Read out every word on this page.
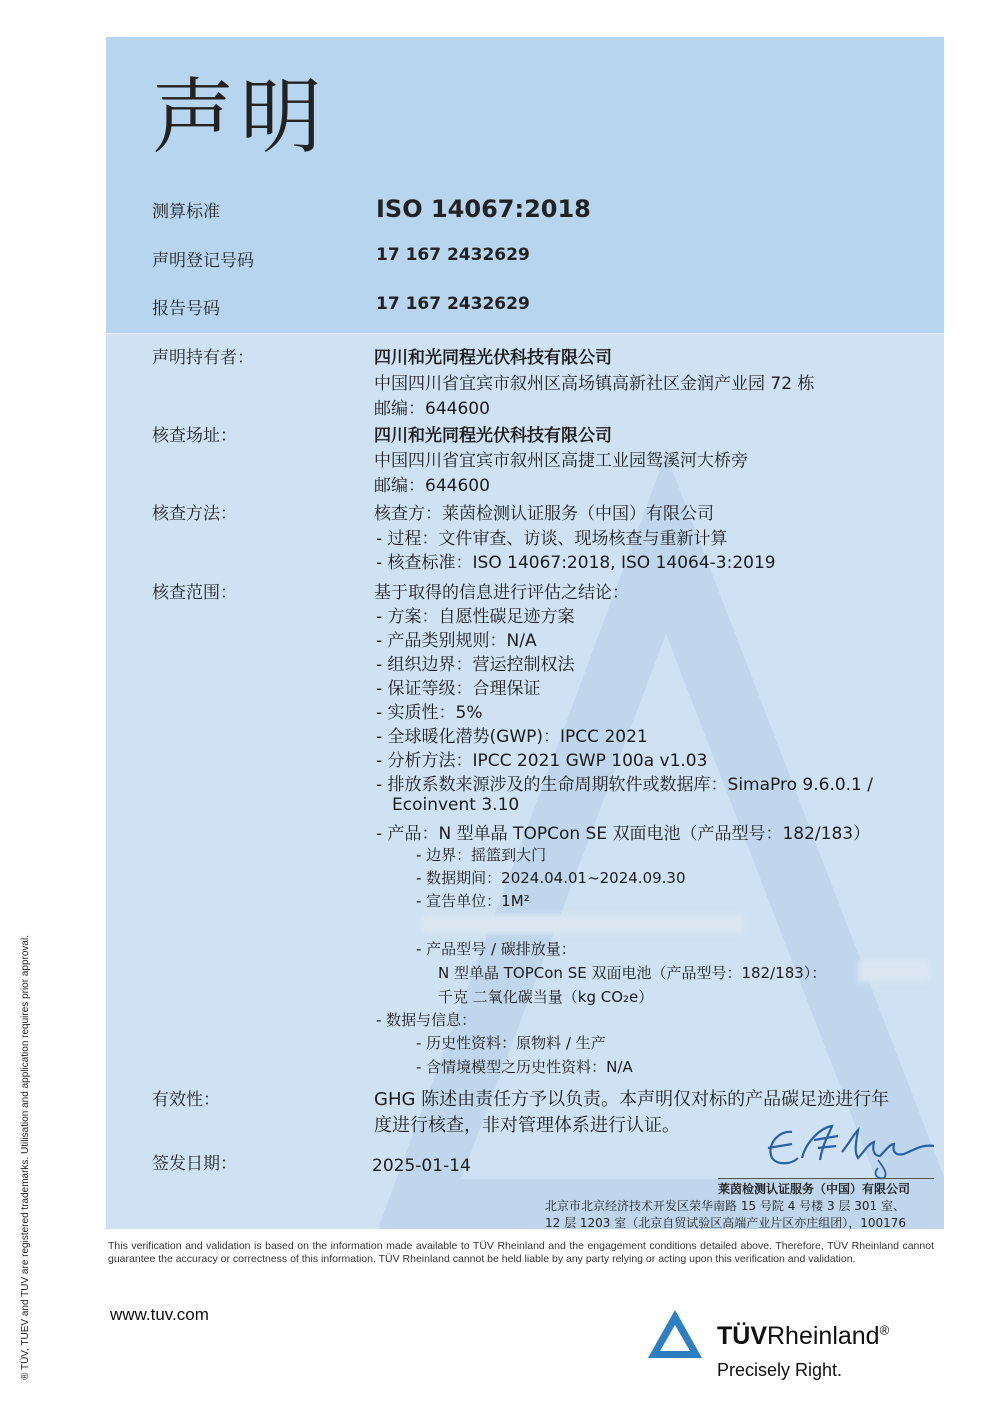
声明
测算标准	ISO 14067:2018
声明登记号码	17 167 2432629
报告号码	17 167 2432629
声明持有者：	四川和光同程光伏科技有限公司
中国四川省宜宾市叙州区高场镇高新社区金润产业园 72 栋
邮编：644600
核查场址：	四川和光同程光伏科技有限公司
中国四川省宜宾市叙州区高捷工业园鸳溪河大桥旁
邮编：644600
核查方法：	核查方：莱茵检测认证服务（中国）有限公司
- 过程：文件审查、访谈、现场核查与重新计算
- 核查标准：ISO 14067:2018, ISO 14064-3:2019
核查范围：	基于取得的信息进行评估之结论：
- 方案：自愿性碳足迹方案
- 产品类别规则：N/A
- 组织边界：营运控制权法
- 保证等级：合理保证
- 实质性：5%
- 全球暖化潜势(GWP)：IPCC 2021
- 分析方法：IPCC 2021 GWP 100a v1.03
- 排放系数来源涉及的生命周期软件或数据库：SimaPro 9.6.0.1 /
Ecoinvent 3.10
- 产品：N 型单晶 TOPCon SE 双面电池（产品型号：182/183）
- 边界：摇篮到大门
- 数据期间：2024.04.01~2024.09.30
- 宣告单位：1M²
- 产品型号 / 碳排放量：
N 型单晶 TOPCon SE 双面电池（产品型号：182/183）：
千克 二氧化碳当量（kg CO₂e）
- 数据与信息：
- 历史性资料：原物料 / 生产
- 含情境模型之历史性资料：N/A
有效性：	GHG 陈述由责任方予以负责。本声明仅对标的产品碳足迹进行年
度进行核查，非对管理体系进行认证。
签发日期：	2025-01-14
莱茵检测认证服务（中国）有限公司
北京市北京经济技术开发区荣华南路 15 号院 4 号楼 3 层 301 室、
12 层 1203 室（北京自贸试验区高端产业片区亦庄组团），100176
This verification and validation is based on the information made available to TÜV Rheinland and the engagement conditions detailed above. Therefore, TÜV Rheinland cannot guarantee the accuracy or correctness of this information. TÜV Rheinland cannot be held liable by any party relying or acting upon this verification and validation.
www.tuv.com
TÜVRheinland®
Precisely Right.
® TÜV, TUEV and TUV are registered trademarks. Utilisation and application requires prior approval.
